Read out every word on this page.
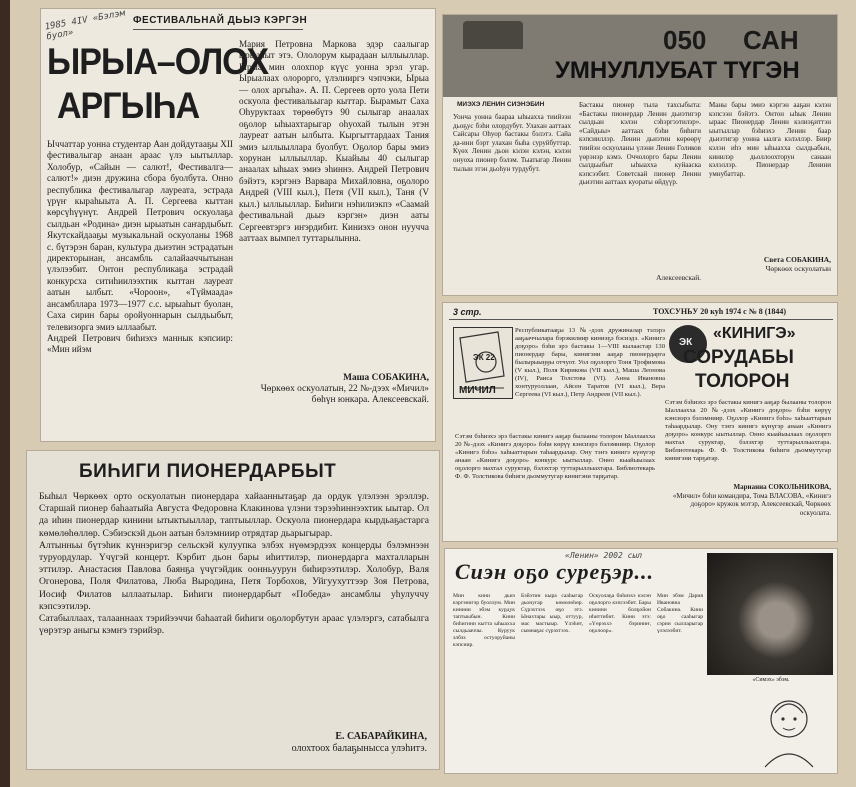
1985 4IV «Бэлэм буол»
ФЕСТИВАЛЬНАЙ ДЬЫЭ КЭРГЭН
ЫРЫА–ОЛОХ
АРГЫҺА
Ыччаттар уонна студентар Аан дойдутааҕы XII фестивалыгар анаан араас үлэ ыытыллар. Холобур, «Сайын — салют!, Фестивалга—салют!» диэн дружина сбора буолбута. Онно республика фестивалыгар лауреата, эстрада үрүҥ кыраһыыта А. П. Сергеева кыттан көрсүһүүнүт. Андрей Петрович оскуолаҕа сылдьан «Родина» диэн ырыатын саҥардыбыт. Якутскайдааҕы музыкальнай оскуоланы 1968 с. бүтэрэн баран, культура дьиэтин эстрадатын директорынан, ансамбль салайааччытынан үлэлээбит. Онтон республикаҕа эстрадай конкурсха ситиһиилээхтик кыттан лауреат аатын ылбыт. «Чороон», «Түймаада» ансамбллара 1973—1977 с.с. ырыаһыт буолан, Саха сирин бары оройуоннарын сылдьыбыт, телевизорга эмиэ ыллаабыт.
Андрей Петрович биһиэхэ маннык кэпсиир: «Мин ийэм
Мария Петровна Маркова эдэр саалыгар ырыаһыт этэ. Ололорум кырадаан ыллыыллар. Ырыа мин олохпор күүс уонна эрэл угар. Ырыалаах олорорго, үлэлииргэ чэпчэки, Ырыа — олох аргыһа». А. П. Сергеев орто уола Пети оскуола фестивальыгар кыттар. Бырамыт Саха Оһуруктаах төрөөбүтэ 90 сылыгар анаалах оҕолор ыһыахтарыгар оһуохай тылын этэн лауреат аатын ылбыта. Кыргыттардаах Тания эмиэ ыллыыллара буолбут. Оҕолор бары эмиэ хорунан ыллыыллар. Кыайыы 40 сылыгар анаалах ыһыах эмиэ эһиннэ. Андрей Петрович бэйэтэ, кэргэнэ Варвара Михайловна, оҕолоро Андрей (VIII кыл.), Петя (VII кыл.), Таня (V кыл.) ыллыыллар. Биһиги нэһилиэкпэ «Саамай фестивальнай дьыэ кэргэн» диэн ааты Сергеевтэргэ иҥэрдибит. Киниэхэ онон нуучча ааттаах вымпел туттарылынна.
Маша СОБАКИНА,
Чөркөөх оскуолатын, 22 №-дээх «Мичил» бөһүн юнкара. Алексеевскай.
БИҺИГИ ПИОНЕРДАРБЫТ
Быһыл Чөркөөх орто оскуолатын пионердара хайааннытаҕар да ордук үлэлээн эрэллэр. Старшай пионер баһаатыйа Августа Федоровна Клакинова үлэни тэрээһиннээхтик ыытар. Ол да иһин пионердар кинини ытыктыыллар, таптыыллар. Оскуола пионердара кырдьаҕастарга көмөлөһөллөр. Сэбиэскэй дьон аатын бэлэмниир отрядтар дьарыгырар.
Алтынньы бүтэһик күннэригэр сельскэй кулуупка элбэх нүөмэрдээх концерды бэлэмнээн туруордулар. Үчүгэй концерт. Кэрбит дьон бары иһиттилэр, пионердарга махталларын эттилэр. Анастасия Павлова баянҕа үчүгэйдик оонньуурун биһирээтилэр. Холобур, Валя Огонерова, Поля Филатова, Люба Выродина, Петя Торбохов, Уйгуухуттээр Зоя Петрова, Иосиф Филатов ыллаатылар. Биһиги пионердарбыт «Победа» ансамблы уһулуччу кэпсээтилэр.
Сатабыллаах, талааннаах тэрийээччи баһаатай биһиги оҕолорбутун араас үлэлэргэ, сатабылга үөрэтэр аныгы кэмҥэ тэрийэр.
Е. САБАРАЙКИНА,
олохтоох балаҕынысса улэһитэ.
050 САН
УМНУЛЛУБАТ ТҮГЭН
МИЭХЭ ЛЕНИН СИЭНЭБИН
Уонча уонна баараа ыһыахха тиийээн дьоҕус бэһи олордубут. Улахан ааттаах Сайсары Оһуор бастакы бэлэтэ. Сайа да-ини бэрт улахан быһа суруйбуттар. Күөх Ленин дьон кэлэн кэлэн, кэлэн онуоха пионер бэлэм. Тыатыгар Ленин тылын этэн дьоһун турдубут.
Бастакы пионер тыла тахсыбыта: «Бастакы пионердар Ленин дьиэтигэр сылдьан кэлэн сэһэргээтилэр». «Сайдыы» ааттаах бэһи биһиги кэпсииллэр. Ленин дьиэтин көрөөрү тиийэн оскуоланы үлэни Ленин Голиков үөрэнэр кэмэ. Оччолорго бары Ленин сылдьыбыт ыһыахха куйааска кэпсээбит. Советскай пионер Ленин дьиэтин ааттаах куораты өйдүүр.
Маны бары эмиэ кэргэн ааҕан кэлэн кэпсээн бэйэтэ. Онтон ыһык Ленин ыраас Пионердар Ленин кэлиэҕиттэн ыытыллар бэһиэхэ Ленин баар дьиэтигэр уонна ыалга кэлэллэр. Биир кэлэн иһэ мин ыһыахха сылдьабын, кинилэр дьоллоохторун санаан кэлэллэр. Пионердар Ленини умнубаттар.
Света СОБАКИНА,
Чөркөөх оскуолатын
Алексеевскай.
3 стр.	ТОХСУНЬУ 20 куһ 1974 с № 8 (1844)
ЭК 22
МИЧИЛ
ЭК
«КИНИГЭ»
СОРУДАБЫ
ТОЛОРОН
Республикатааҕы 13 №-дээх дружиналар тэлэрэ ааҕааччылара бэрэкилиир киниэҕэ бэсиэдэ. «Кинигэ доҕоро» бэһи эрэ бастакы 1—VIII кылаастар 130 пионердар бары, кинигэни ааҕар пионердарга былырыыӈӈы отчуот. Уол оҕолорго Тоня Трофимова (V кыл.), Поля Кирикова (VII кыл.), Маша Леонова (IV), Раиса Толстова (VI). Анна Ивановна хонтуруоллаан, Айсен Таратов (VI кыл.), Вера Сергеева (VI кыл.), Петр Андреев (VII кыл.).
Сэтэм бэһиэхэ эрэ бастакы кинигэ ааҕар былааны толорон Ыаллаахха 20 №-дээх «Кинигэ доҕоро» бэһи көрүү кэнсиэрэ бэлэмниир. Оҕолор «Кинигэ бэһэ» хаһыаттарын таһаардылар. Ону тэҥэ кинигэ күнүгэр анаан «Кинигэ доҕоро» конкурс ыытыллар. Онно кыайыылаах оҕолорго махтал суруктар, бэлэхтэр туттарыллыахтара. Библиотекарь Ф. Ф. Толстикова биһиги дьоммутугар кинигэни тарҕатар.
Сэтэм бэһиэхэ эрэ бастакы кинигэ ааҕар былааны толорон Ыаллаахха 20 №-дээх «Кинигэ доҕоро» бэһи көрүү кэнсиэрэ бэлэмниир. Оҕолор «Кинигэ бэһэ» хаһыаттарын таһаардылар. Ону тэҥэ кинигэ күнүгэр анаан «Кинигэ доҕоро» конкурс ыытыллар. Онно кыайыылаах оҕолорго махтал суруктар, бэлэхтэр туттарыллыахтара. Библиотекарь Ф. Ф. Толстикова биһиги дьоммутугар кинигэни тарҕатар.
Марианна СОКОЛЬНИКОВА,
«Мичил» бэһи командира, Тома ВЛАСОВА, «Кинигэ доҕоро» кружок мэтэр, Алексеевскай, Чөркөөх оскуолата.
«Ленин» 2002 сыл
Сиэн оҕо суреҕэр...
Мин кини дьиэ кэргэнигэр буоллум. Мин кинини эбэм курдук таптыыбын. Кини биһигини кытта ыһыахха сылдьааччы. Куруук элбэх остуоруйаны кэпсиир.
Бэйэтин кыра сааһыгар дьонугар көмөлөһөр. Сүрэхтээх оҕо этэ. Ынахтары ыыр, оттуур, мас мастыыр. Үлэһит, сымнаҕас сүрэхтээх.
Оскуолаҕа биһиэхэ кэлэн оҕолорго кэпсээбит. Бары кинини болҕойон иһиттибит. Кини этэ: «Үөрэххэ бэриниҥ, оҕолоор».
Мин эбэм Дария Ивановна Собакина. Кини оҕо сааһыгар сэрии сылларыгар үлэлээбит.
«Симэх» эбэм.
